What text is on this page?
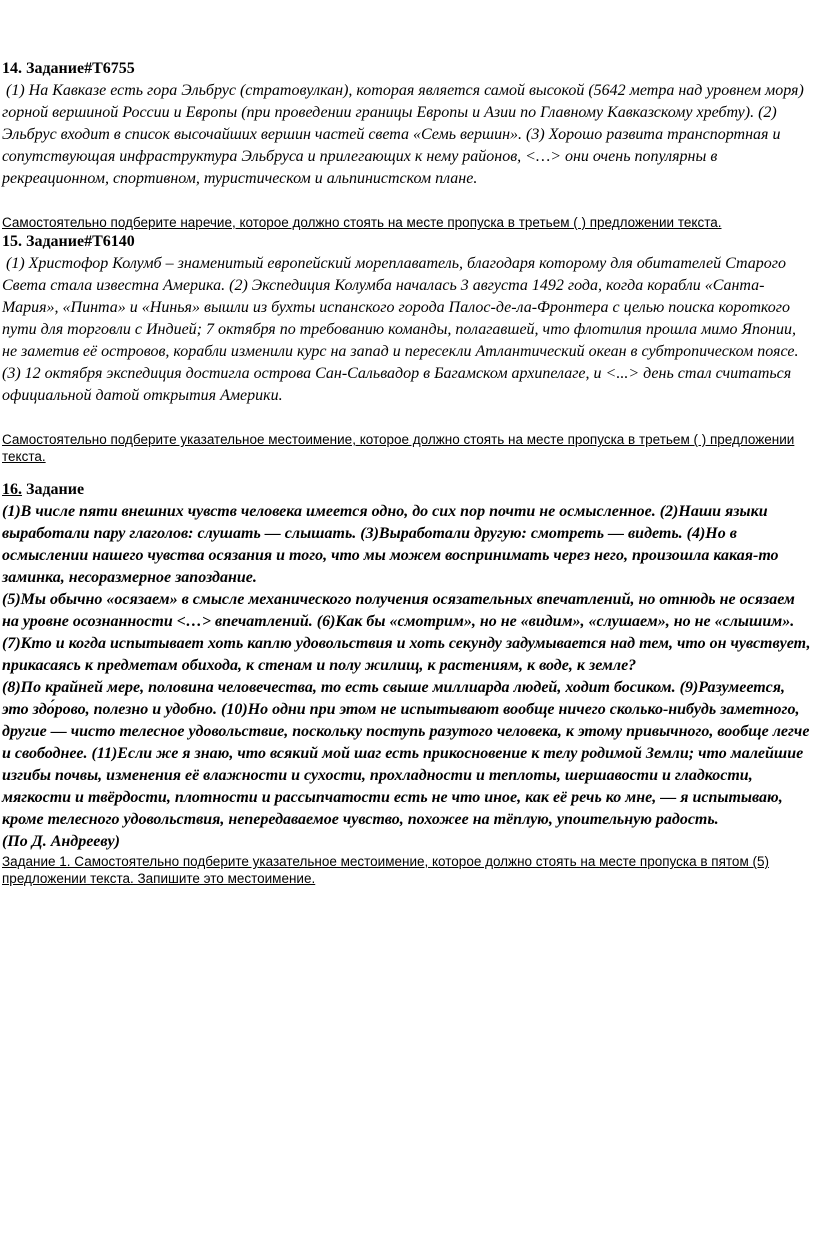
14. Задание#Т6755

(1) На Кавказе есть гора Эльбрус (стратовулкан), которая является самой высокой (5642 метра над уровнем моря) горной вершиной России и Европы (при проведении границы Европы и Азии по Главному Кавказскому хребту). (2) Эльбрус входит в список высочайших вершин частей света «Семь вершин». (3) Хорошо развита транспортная и сопутствующая инфраструктура Эльбруса и прилегающих к нему районов, <…> они очень популярны в рекреационном, спортивном, туристическом и альпинистском плане.

Самостоятельно подберите наречие, которое должно стоять на месте пропуска в третьем ( ) предложении текста.

15. Задание#Т6140

(1) Христофор Колумб – знаменитый европейский мореплаватель, благодаря которому для обитателей Старого Света стала известна Америка. (2) Экспедиция Колумба началась 3 августа 1492 года, когда корабли «Санта-Мария», «Пинта» и «Нинья» вышли из бухты испанского города Палос-де-ла-Фронтера с целью поиска короткого пути для торговли с Индией; 7 октября по требованию команды, полагавшей, что флотилия прошла мимо Японии, не заметив её островов, корабли изменили курс на запад и пересекли Атлантический океан в субтропическом поясе. (3) 12 октября экспедиция достигла острова Сан-Сальвадор в Багамском архипелаге, и <...> день стал считаться официальной датой открытия Америки.

Самостоятельно подберите указательное местоимение, которое должно стоять на месте пропуска в третьем ( ) предложении текста.

16. Задание

(1)В числе пяти внешних чувств человека имеется одно, до сих пор почти не осмысленное. (2)Наши языки выработали пару глаголов: слушать — слышать. (3)Выработали другую: смотреть — видеть. (4)Но в осмыслении нашего чувства осязания и того, что мы можем воспринимать через него, произошла какая-то заминка, несоразмерное запоздание.

(5)Мы обычно «осязаем» в смысле механического получения осязательных впечатлений, но отнюдь не осязаем на уровне осознанности <…> впечатлений. (6)Как бы «смотрим», но не «видим», «слушаем», но не «слышим». (7)Кто и когда испытывает хоть каплю удовольствия и хоть секунду задумывается над тем, что он чувствует, прикасаясь к предметам обихода, к стенам и полу жилищ, к растениям, к воде, к земле?

(8)По крайней мере, половина человечества, то есть свыше миллиарда людей, ходит босиком. (9)Разумеется, это здо́рово, полезно и удобно. (10)Но одни при этом не испытывают вообще ничего сколько-нибудь заметного, другие — чисто телесное удовольствие, поскольку поступь разутого человека, к этому привычного, вообще легче и свободнее. (11)Если же я знаю, что всякий мой шаг есть прикосновение к телу родимой Земли; что малейшие изгибы почвы, изменения её влажности и сухости, прохладности и теплоты, шершавости и гладкости, мягкости и твёрдости, плотности и рассыпчатости есть не что иное, как её речь ко мне, — я испытываю, кроме телесного удовольствия, непередаваемое чувство, похожее на тёплую, упоительную радость.

(По Д. Андреeву)

Задание 1. Самостоятельно подберите указательное местоимение, которое должно стоять на месте пропуска в пятом (5) предложении текста. Запишите это местоимение.
